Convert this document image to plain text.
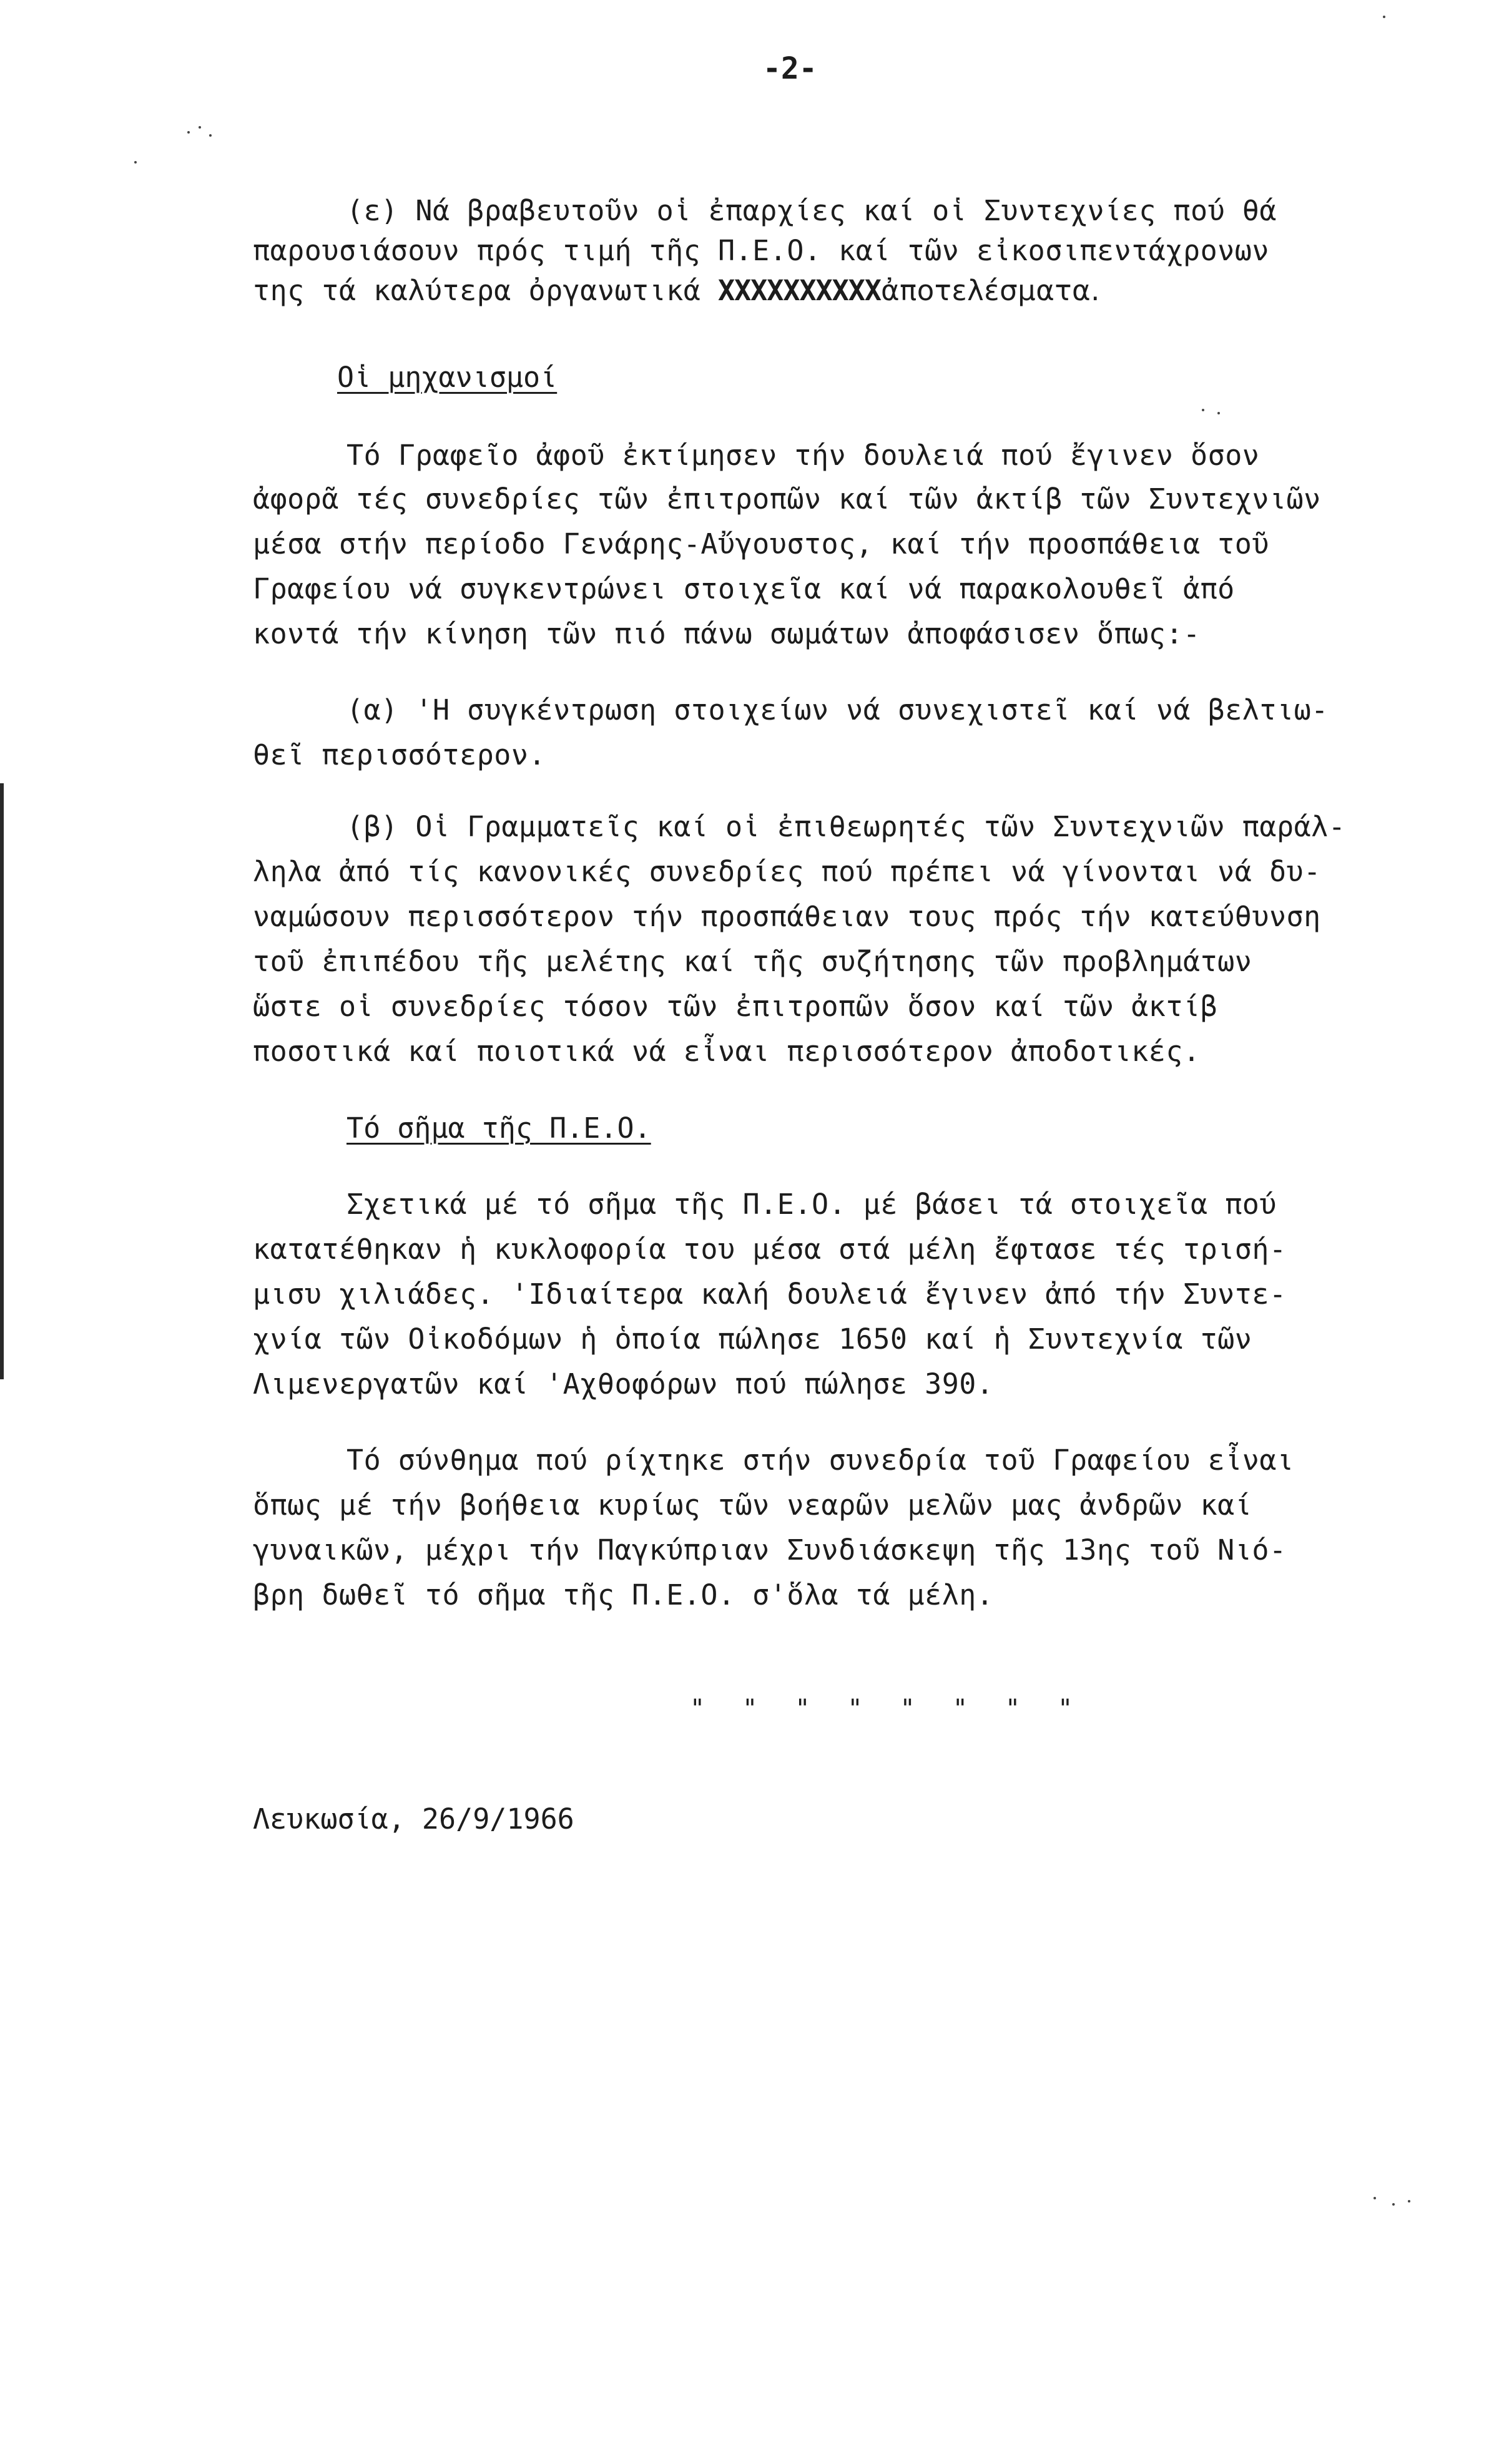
-2-
(ε) Νά βραβευτοῦν οἱ ἐπαρχίες καί οἱ Συντεχνίες πού θά
παρουσιάσουν πρός τιμή τῆς Π.Ε.Ο. καί τῶν εἰκοσιπεντάχρονων
της τά καλύτερα ὀργανωτικά XXXXXXXXXXἀποτελέσματα.
Οἱ μηχανισμοί
Τό Γραφεῖο ἀφοῦ ἐκτίμησεν τήν δουλειά πού ἔγινεν ὅσον
ἀφορᾶ τές συνεδρίες τῶν ἐπιτροπῶν καί τῶν ἀκτίβ τῶν Συντεχνιῶν
μέσα στήν περίοδο Γενάρης-Αὔγουστος, καί τήν προσπάθεια τοῦ
Γραφείου νά συγκεντρώνει στοιχεῖα καί νά παρακολουθεῖ ἀπό
κοντά τήν κίνηση τῶν πιό πάνω σωμάτων ἀποφάσισεν ὅπως:-
(α) 'Η συγκέντρωση στοιχείων νά συνεχιστεῖ καί νά βελτιω-
θεῖ περισσότερον.
(β) Οἱ Γραμματεῖς καί οἱ ἐπιθεωρητές τῶν Συντεχνιῶν παράλ-
ληλα ἀπό τίς κανονικές συνεδρίες πού πρέπει νά γίνονται νά δυ-
ναμώσουν περισσότερον τήν προσπάθειαν τους πρός τήν κατεύθυνση
τοῦ ἐπιπέδου τῆς μελέτης καί τῆς συζήτησης τῶν προβλημάτων
ὥστε οἱ συνεδρίες τόσον τῶν ἐπιτροπῶν ὅσον καί τῶν ἀκτίβ
ποσοτικά καί ποιοτικά νά εἶναι περισσότερον ἀποδοτικές.
Τό σῆμα τῆς Π.Ε.Ο.
Σχετικά μέ τό σῆμα τῆς Π.Ε.Ο. μέ βάσει τά στοιχεῖα πού
κατατέθηκαν ἡ κυκλοφορία του μέσα στά μέλη ἔφτασε τές τρισή-
μισυ χιλιάδες. 'Ιδιαίτερα καλή δουλειά ἔγινεν ἀπό τήν Συντε-
χνία τῶν Οἰκοδόμων ἡ ὁποία πώλησε 1650 καί ἡ Συντεχνία τῶν
Λιμενεργατῶν καί 'Αχθοφόρων πού πώλησε 390.
Τό σύνθημα πού ρίχτηκε στήν συνεδρία τοῦ Γραφείου εἶναι
ὅπως μέ τήν βοήθεια κυρίως τῶν νεαρῶν μελῶν μας ἀνδρῶν καί
γυναικῶν, μέχρι τήν Παγκύπριαν Συνδιάσκεψη τῆς 13ης τοῦ Νιό-
βρη δωθεῖ τό σῆμα τῆς Π.Ε.Ο. σ'ὅλα τά μέλη.
" " " " " " " "
Λευκωσία, 26/9/1966
